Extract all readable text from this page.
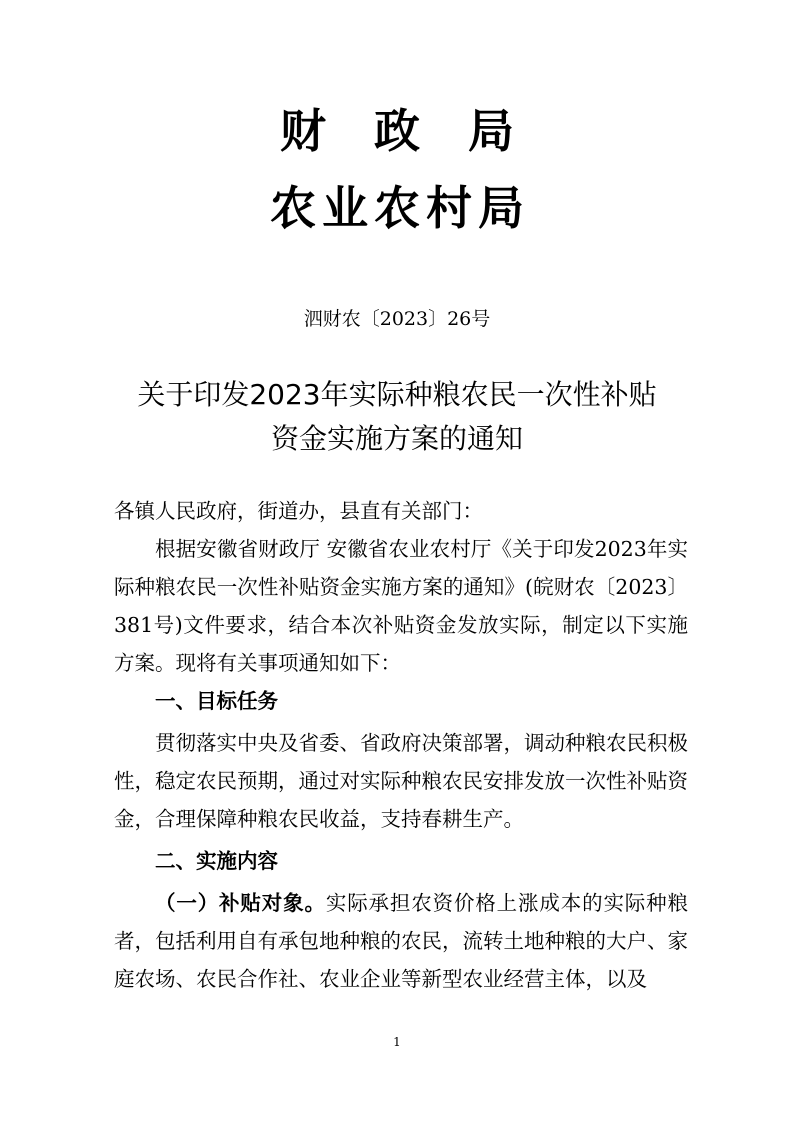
财政局
农业农村局
泗财农〔2023〕26号
关于印发2023年实际种粮农民一次性补贴
资金实施方案的通知

各镇人民政府，街道办，县直有关部门：

根据安徽省财政厅 安徽省农业农村厅《关于印发2023年实际种粮农民一次性补贴资金实施方案的通知》(皖财农〔2023〕381号)文件要求，结合本次补贴资金发放实际，制定以下实施方案。现将有关事项通知如下：

一、目标任务

贯彻落实中央及省委、省政府决策部署，调动种粮农民积极性，稳定农民预期，通过对实际种粮农民安排发放一次性补贴资金，合理保障种粮农民收益，支持春耕生产。

二、实施内容

（一）补贴对象。实际承担农资价格上涨成本的实际种粮者，包括利用自有承包地种粮的农民，流转土地种粮的大户、家庭农场、农民合作社、农业企业等新型农业经营主体，以及

1
